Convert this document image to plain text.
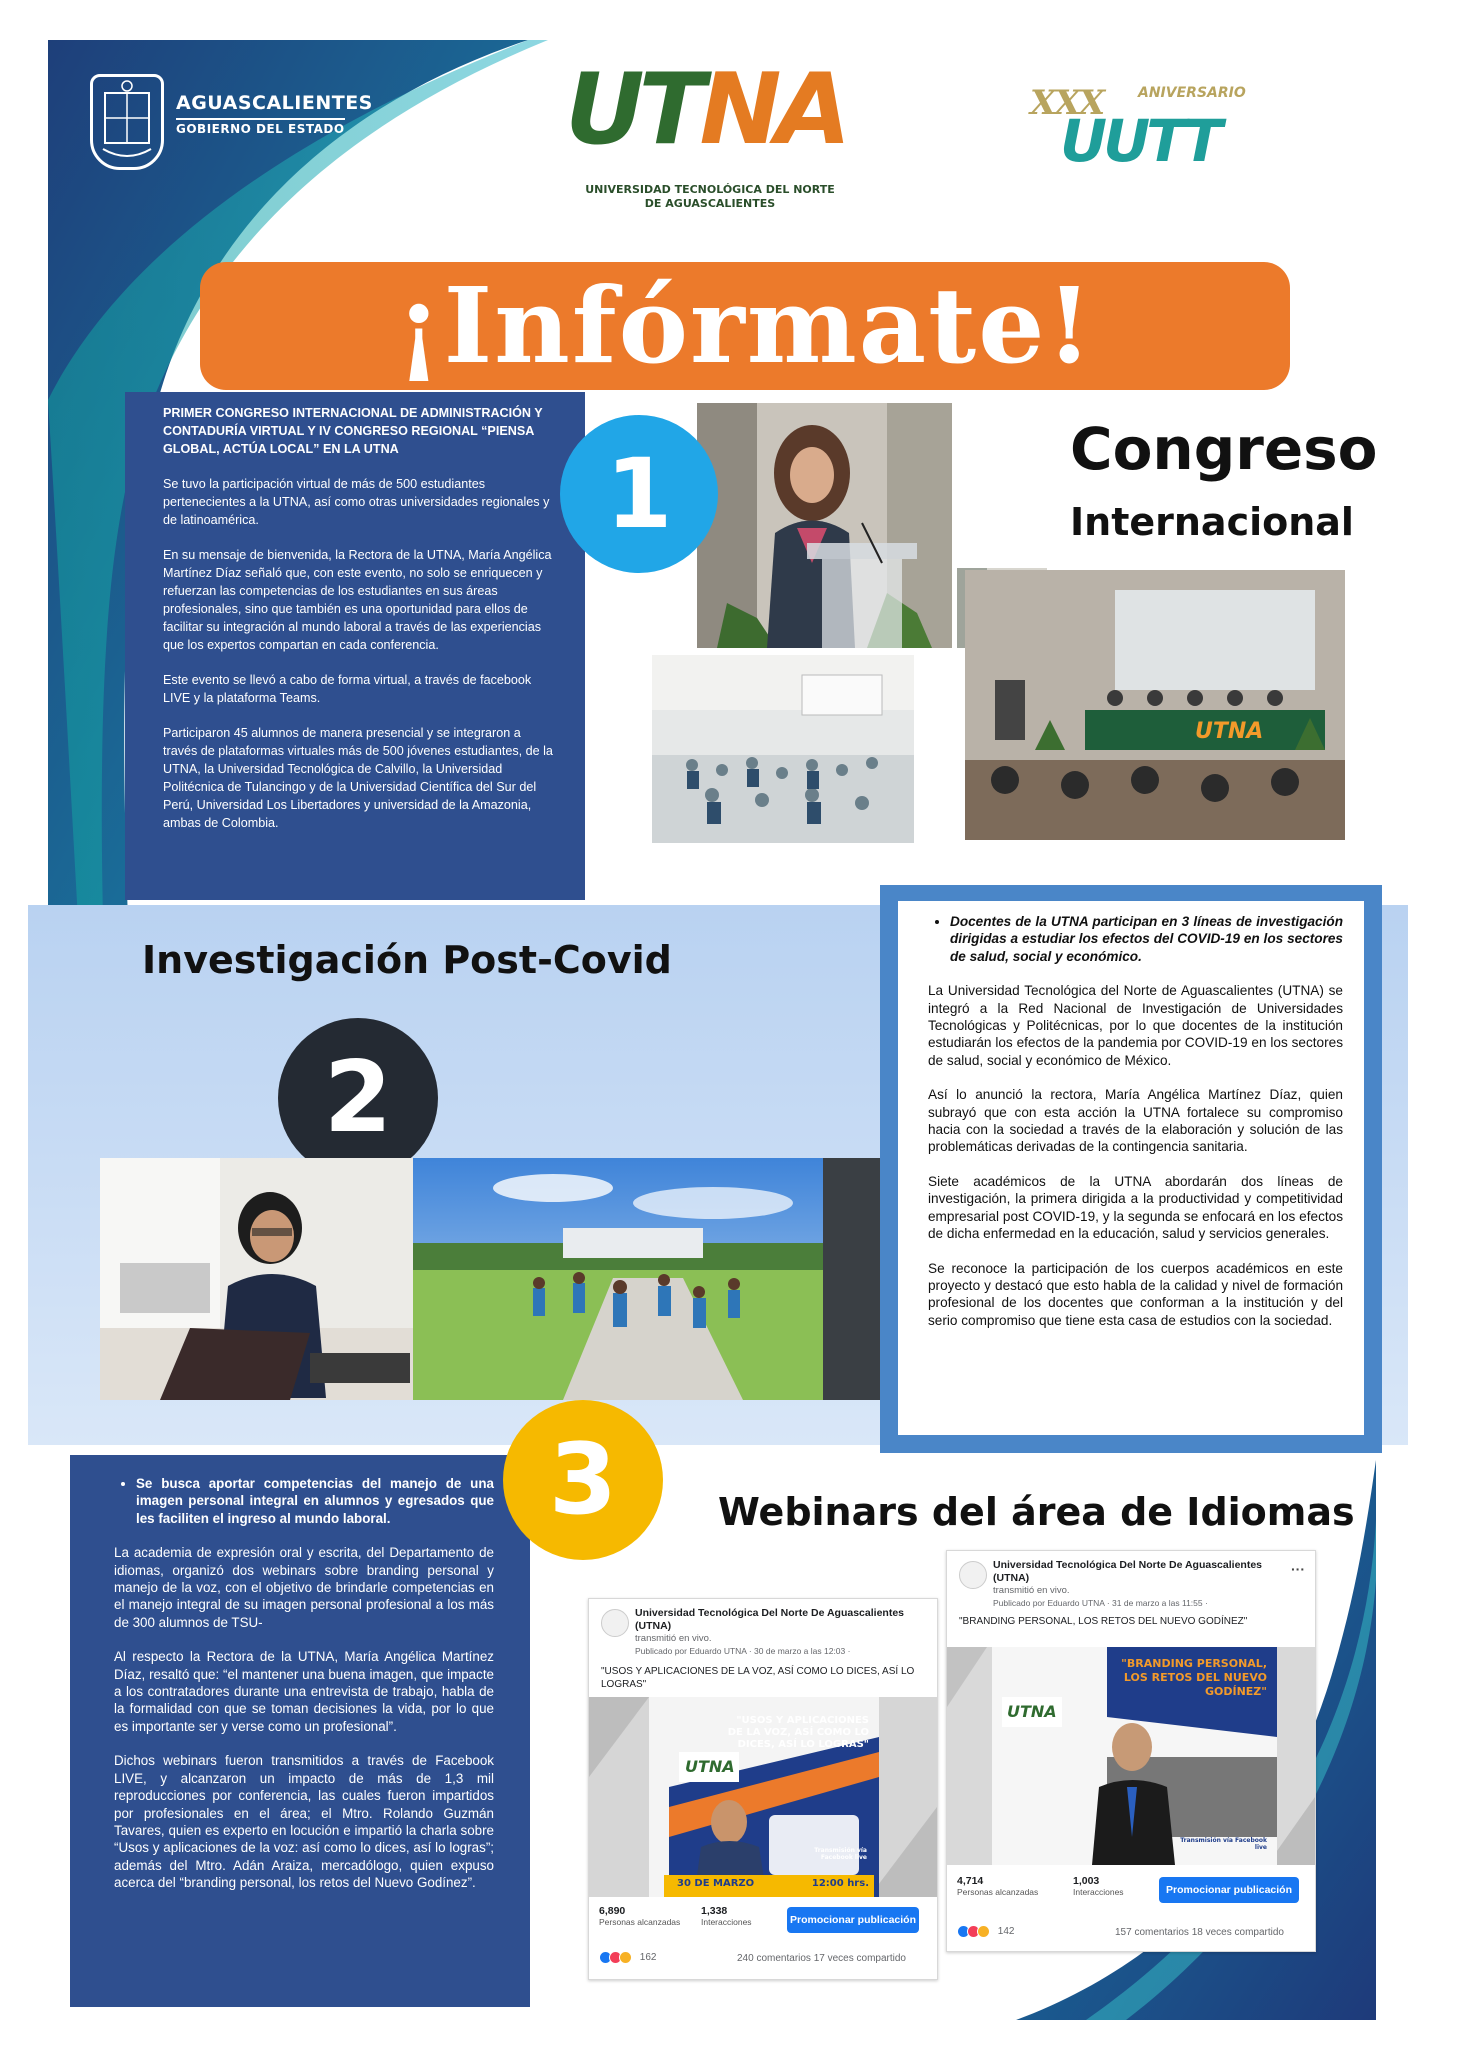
AGUASCALIENTES
GOBIERNO DEL ESTADO UTNA
UNIVERSIDAD TECNOLÓGICA DEL NORTE
DE AGUASCALIENTES
XXX ANIVERSARIO
UUTT
¡Infórmate!

PRIMER CONGRESO INTERNACIONAL DE ADMINISTRACIÓN Y CONTADURÍA VIRTUAL Y IV CONGRESO REGIONAL “PIENSA GLOBAL, ACTÚA LOCAL” EN LA UTNA

Se tuvo la participación virtual de más de 500 estudiantes pertenecientes a la UTNA, así como otras universidades regionales y de latinoamérica.

En su mensaje de bienvenida, la Rectora de la UTNA, María Angélica Martínez Díaz señaló que, con este evento, no solo se enriquecen y refuerzan las competencias de los estudiantes en sus áreas profesionales, sino que también es una oportunidad para ellos de facilitar su integración al mundo laboral a través de las experiencias que los expertos compartan en cada conferencia.

Este evento se llevó a cabo de forma virtual, a través de facebook LIVE y la plataforma Teams.

Participaron 45 alumnos de manera presencial y se integraron a través de plataformas virtuales más de 500 jóvenes estudiantes, de la UTNA, la Universidad Tecnológica de Calvillo, la Universidad Politécnica de Tulancingo y de la Universidad Científica del Sur del Perú, Universidad Los Libertadores y universidad de la Amazonia, ambas de Colombia.

1	Congreso
Internacional
UTNA
Investigación Post-Covid
2
• Docentes de la UTNA participan en 3 líneas de investigación dirigidas a estudiar los efectos del COVID-19 en los sectores de salud, social y económico.

La Universidad Tecnológica del Norte de Aguascalientes (UTNA) se integró a la Red Nacional de Investigación de Universidades Tecnológicas y Politécnicas, por lo que docentes de la institución estudiarán los efectos de la pandemia por COVID-19 en los sectores de salud, social y económico de México.

Así lo anunció la rectora, María Angélica Martínez Díaz, quien subrayó que con esta acción la UTNA fortalece su compromiso hacia con la sociedad a través de la elaboración y solución de las problemáticas derivadas de la contingencia sanitaria.

Siete académicos de la UTNA abordarán dos líneas de investigación, la primera dirigida a la productividad y competitividad empresarial post COVID-19, y la segunda se enfocará en los efectos de dicha enfermedad en la educación, salud y servicios generales.

Se reconoce la participación de los cuerpos académicos en este proyecto y destacó que esto habla de la calidad y nivel de formación profesional de los docentes que conforman a la institución y del serio compromiso que tiene esta casa de estudios con la sociedad.

• Se busca aportar competencias del manejo de una imagen personal integral en alumnos y egresados que les faciliten el ingreso al mundo laboral.

La academia de expresión oral y escrita, del Departamento de idiomas, organizó dos webinars sobre branding personal y manejo de la voz, con el objetivo de brindarle competencias en el manejo integral de su imagen personal profesional a los más de 300 alumnos de TSU-

Al respecto la Rectora de la UTNA, María Angélica Martínez Díaz, resaltó que: “el mantener una buena imagen, que impacte a los contratadores durante una entrevista de trabajo, habla de la formalidad con que se toman decisiones la vida, por lo que es importante ser y verse como un profesional”.

Dichos webinars fueron transmitidos a través de Facebook LIVE, y alcanzaron un impacto de más de 1,3 mil reproducciones por conferencia, las cuales fueron impartidos por profesionales en el área; el Mtro. Rolando Guzmán Tavares, quien es experto en locución e impartió la charla sobre “Usos y aplicaciones de la voz: así como lo dices, así lo logras”; además del Mtro. Adán Araiza, mercadólogo, quien expuso acerca del “branding personal, los retos del Nuevo Godínez”.

3	Webinars del área de Idiomas
Universidad Tecnológica Del Norte De Aguascalientes (UTNA)
transmitió en vivo.
Publicado por Eduardo UTNA · 30 de marzo a las 12:03 ·
"USOS Y APLICACIONES DE LA VOZ, ASÍ COMO LO DICES, ASÍ LO LOGRAS"
UTNA
"USOS Y APLICACIONES DE LA VOZ, ASÍ COMO LO DICES, ASÍ LO LOGRAS"
30 DE MARZO	12:00 hrs.
Transmisión vía Facebook live
6,890
Personas alcanzadas
1,338
Interacciones	Promocionar publicación
162	240 comentarios 17 veces compartido
Universidad Tecnológica Del Norte De Aguascalientes (UTNA)
transmitió en vivo.
Publicado por Eduardo UTNA · 31 de marzo a las 11:55 ·
···
"BRANDING PERSONAL, LOS RETOS DEL NUEVO GODÍNEZ"
UTNA
"BRANDING PERSONAL, LOS RETOS DEL NUEVO GODÍNEZ"
Transmisión vía Facebook live
4,714
Personas alcanzadas
1,003
Interacciones	Promocionar publicación
142	157 comentarios 18 veces compartido
